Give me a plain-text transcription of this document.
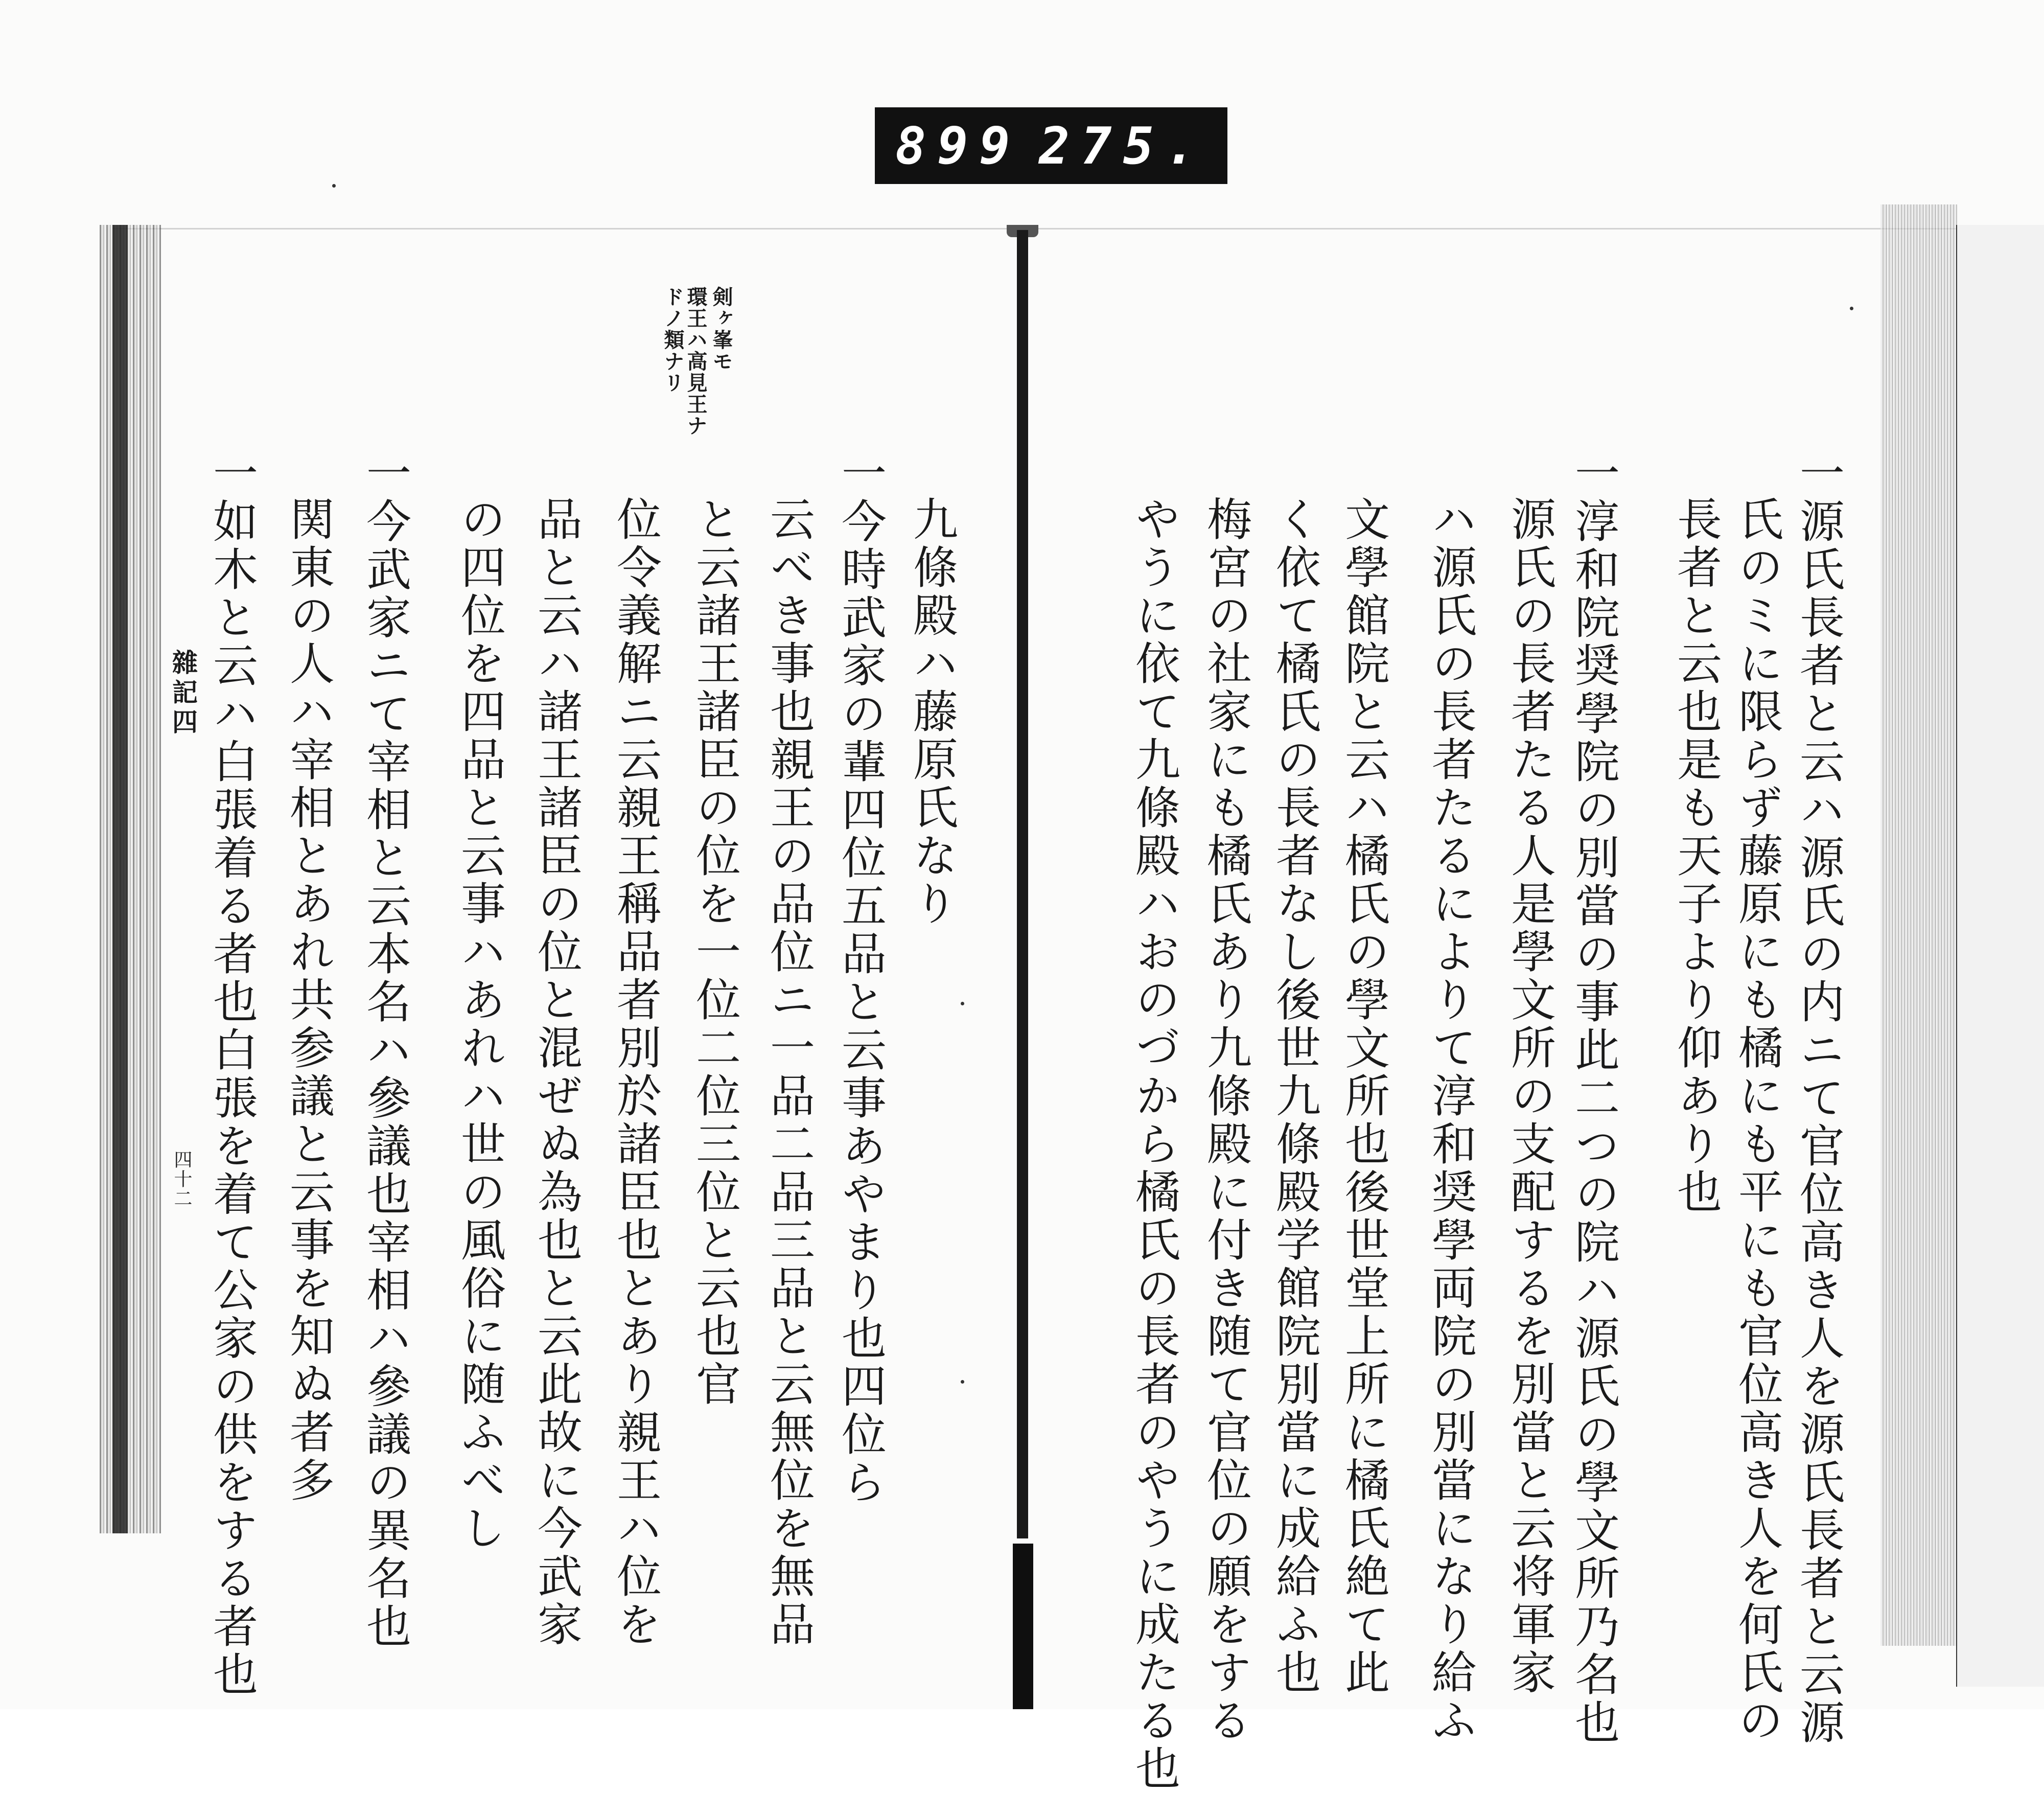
899 275.
一源氏長者と云ハ源氏の内ニて官位高き人を源氏長者と云源
氏のミに限らず藤原にも橘にも平にも官位高き人を何氏の
長者と云也是も天子より仰あり也
一淳和院奨學院の別當の事此二つの院ハ源氏の學文所乃名也
源氏の長者たる人是學文所の支配するを別當と云将軍家
ハ源氏の長者たるによりて淳和奨學両院の別當になり給ふ
文學館院と云ハ橘氏の學文所也後世堂上所に橘氏絶て此
く依て橘氏の長者なし後世九條殿学館院別當に成給ふ也
梅宮の社家にも橘氏あり九條殿に付き随て官位の願をする
やうに依て九條殿ハおのづから橘氏の長者のやうに成たる也
剣ヶ峯モ
環王ハ高見王ナ
ドノ類ナリ
九條殿ハ藤原氏なり
一今時武家の輩四位五品と云事あやまり也四位ら
云べき事也親王の品位ニ一品二品三品と云無位を無品
と云諸王諸臣の位を一位二位三位と云也官
位令義解ニ云親王稱品者別於諸臣也とあり親王ハ位を
品と云ハ諸王諸臣の位と混ぜぬ為也と云此故に今武家
の四位を四品と云事ハあれハ世の風俗に随ふべし
一今武家ニて宰相と云本名ハ參議也宰相ハ參議の異名也
関東の人ハ宰相とあれ共参議と云事を知ぬ者多
一如木と云ハ白張着る者也白張を着て公家の供をする者也
雜記四
四十二
